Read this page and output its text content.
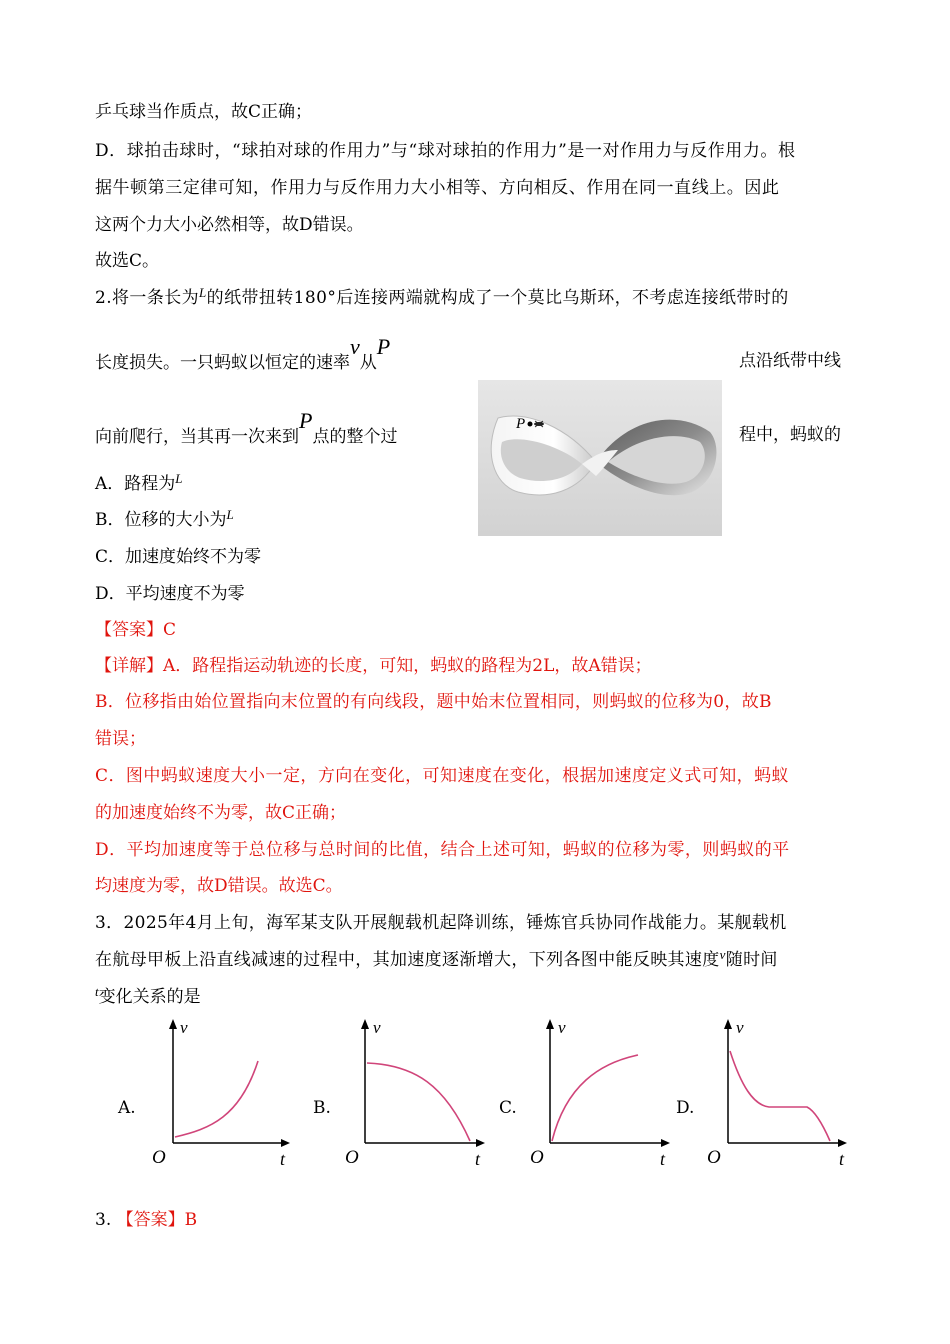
乒乓球当作质点，故C正确；
D．球拍击球时，“球拍对球的作用力”与“球对球拍的作用力”是一对作用力与反作用力。根
据牛顿第三定律可知，作用力与反作用力大小相等、方向相反、作用在同一直线上。因此
这两个力大小必然相等，故D错误。
故选C。
2.将一条长为$^L$的纸带扭转180°后连接两端就构成了一个莫比乌斯环，不考虑连接纸带时的
长度损失。一只蚂蚁以恒定的速率v从P
点沿纸带中线
向前爬行，当其再一次来到P点的整个过	程中，蚂蚁的
P
A．路程为$^L$
B．位移的大小为$^L$
C．加速度始终不为零
D．平均速度不为零
【答案】C
【详解】A．路程指运动轨迹的长度，可知，蚂蚁的路程为2L，故A错误；
B．位移指由始位置指向末位置的有向线段，题中始末位置相同，则蚂蚁的位移为0，故B
错误；
C．图中蚂蚁速度大小一定，方向在变化，可知速度在变化，根据加速度定义式可知，蚂蚁
的加速度始终不为零，故C正确；
D．平均加速度等于总位移与总时间的比值，结合上述可知，蚂蚁的位移为零，则蚂蚁的平
均速度为零，故D错误。故选C。
3．2025年4月上旬，海军某支队开展舰载机起降训练，锤炼官兵协同作战能力。某舰载机
在航母甲板上沿直线减速的过程中，其加速度逐渐增大，下列各图中能反映其速度$^v$随时间
$^t$变化关系的是
A.
v
t
O
B.
v
t
O
C.
v
t
O
D.
v
t
O
3. 【答案】B
